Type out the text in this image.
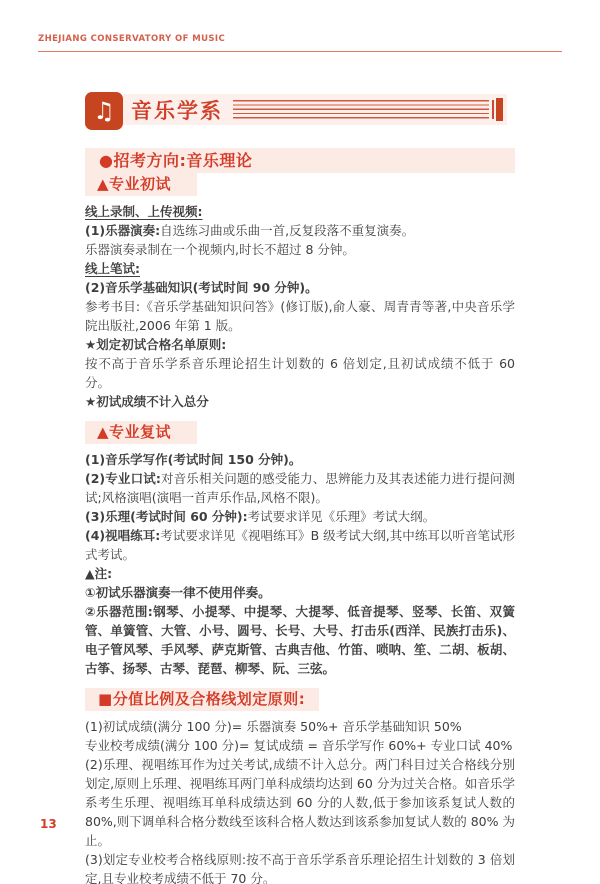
ZHEJIANG CONSERVATORY OF MUSIC
♫ 音乐学系
●招考方向:音乐理论
▲专业初试

线上录制、上传视频:

(1)乐器演奏:自选练习曲或乐曲一首,反复段落不重复演奏。

乐器演奏录制在一个视频内,时长不超过 8 分钟。

线上笔试:

(2)音乐学基础知识(考试时间 90 分钟)。

参考书目:《音乐学基础知识问答》(修订版),俞人豪、周青青等著,中央音乐学院出版社,2006 年第 1 版。

★划定初试合格名单原则:

按不高于音乐学系音乐理论招生计划数的 6 倍划定,且初试成绩不低于 60 分。

★初试成绩不计入总分

▲专业复试

(1)音乐学写作(考试时间 150 分钟)。

(2)专业口试:对音乐相关问题的感受能力、思辨能力及其表述能力进行提问测试;风格演唱(演唱一首声乐作品,风格不限)。

(3)乐理(考试时间 60 分钟):考试要求详见《乐理》考试大纲。

(4)视唱练耳:考试要求详见《视唱练耳》B 级考试大纲,其中练耳以听音笔试形式考试。

▲注:

①初试乐器演奏一律不使用伴奏。

②乐器范围:钢琴、小提琴、中提琴、大提琴、低音提琴、竖琴、长笛、双簧管、单簧管、大管、小号、圆号、长号、大号、打击乐(西洋、民族打击乐)、电子管风琴、手风琴、萨克斯管、古典吉他、竹笛、唢呐、笙、二胡、板胡、古筝、扬琴、古琴、琵琶、柳琴、阮、三弦。

■分值比例及合格线划定原则:

(1)初试成绩(满分 100 分)= 乐器演奏 50%+ 音乐学基础知识 50%

专业校考成绩(满分 100 分)= 复试成绩 = 音乐学写作 60%+ 专业口试 40%

(2)乐理、视唱练耳作为过关考试,成绩不计入总分。两门科目过关合格线分别划定,原则上乐理、视唱练耳两门单科成绩均达到 60 分为过关合格。如音乐学系考生乐理、视唱练耳单科成绩达到 60 分的人数,低于参加该系复试人数的 80%,则下调单科合格分数线至该科合格人数达到该系参加复试人数的 80% 为止。

(3)划定专业校考合格线原则:按不高于音乐学系音乐理论招生计划数的 3 倍划定,且专业校考成绩不低于 70 分。

13
